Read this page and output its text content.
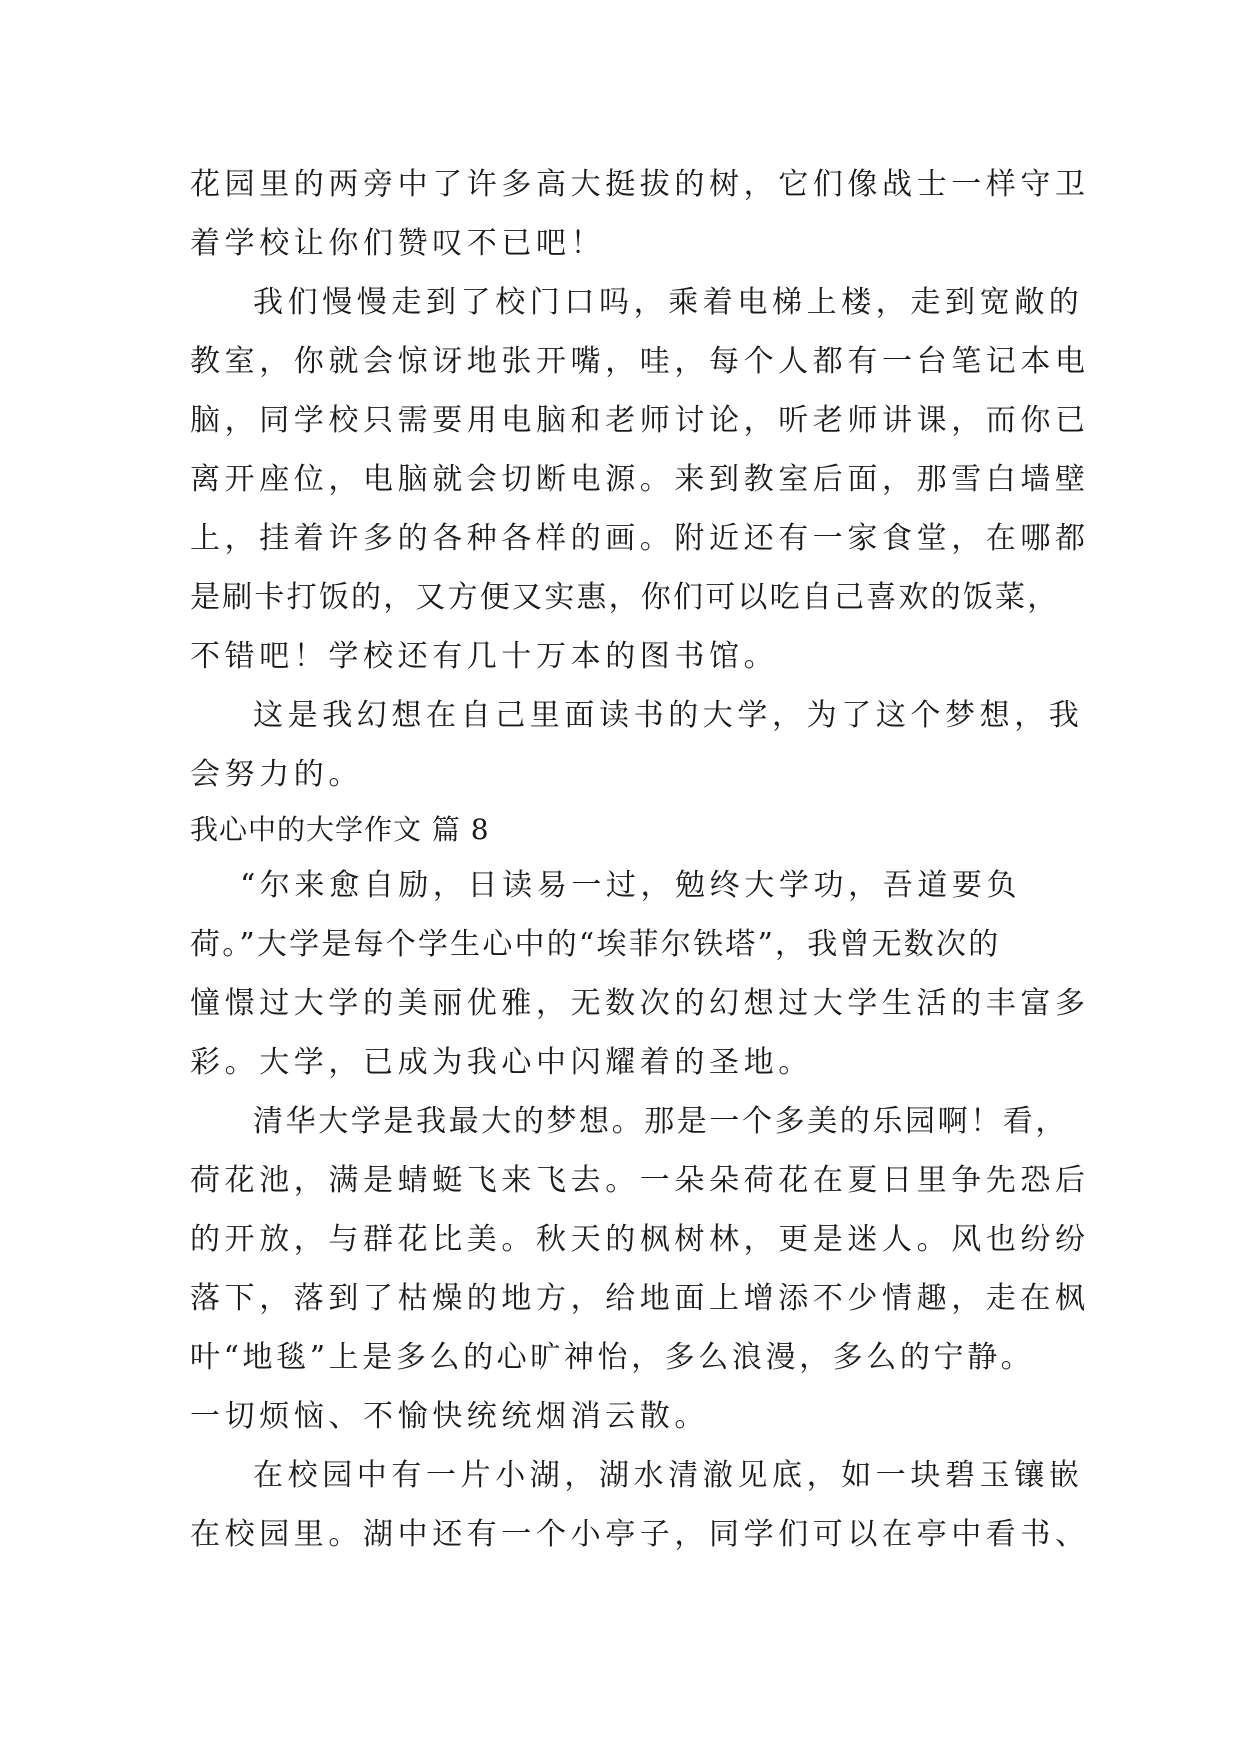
花园里的两旁中了许多高大挺拔的树，它们像战士一样守卫
着学校让你们赞叹不已吧！
我们慢慢走到了校门口吗，乘着电梯上楼，走到宽敞的
教室，你就会惊讶地张开嘴，哇，每个人都有一台笔记本电
脑，同学校只需要用电脑和老师讨论，听老师讲课，而你已
离开座位，电脑就会切断电源。来到教室后面，那雪白墙壁
上，挂着许多的各种各样的画。附近还有一家食堂，在哪都
是刷卡打饭的，又方便又实惠，你们可以吃自己喜欢的饭菜，
不错吧！学校还有几十万本的图书馆。
这是我幻想在自己里面读书的大学，为了这个梦想，我
会努力的。
我心中的大学作文 篇 8
“尔来愈自励，日读易一过，勉终大学功，吾道要负
荷。”大学是每个学生心中的“埃菲尔铁塔”，我曾无数次的
憧憬过大学的美丽优雅，无数次的幻想过大学生活的丰富多
彩。大学，已成为我心中闪耀着的圣地。
清华大学是我最大的梦想。那是一个多美的乐园啊！看，
荷花池，满是蜻蜓飞来飞去。一朵朵荷花在夏日里争先恐后
的开放，与群花比美。秋天的枫树林，更是迷人。风也纷纷
落下，落到了枯燥的地方，给地面上增添不少情趣，走在枫
叶“地毯”上是多么的心旷神怡，多么浪漫，多么的宁静。
一切烦恼、不愉快统统烟消云散。
在校园中有一片小湖，湖水清澈见底，如一块碧玉镶嵌
在校园里。湖中还有一个小亭子，同学们可以在亭中看书、
